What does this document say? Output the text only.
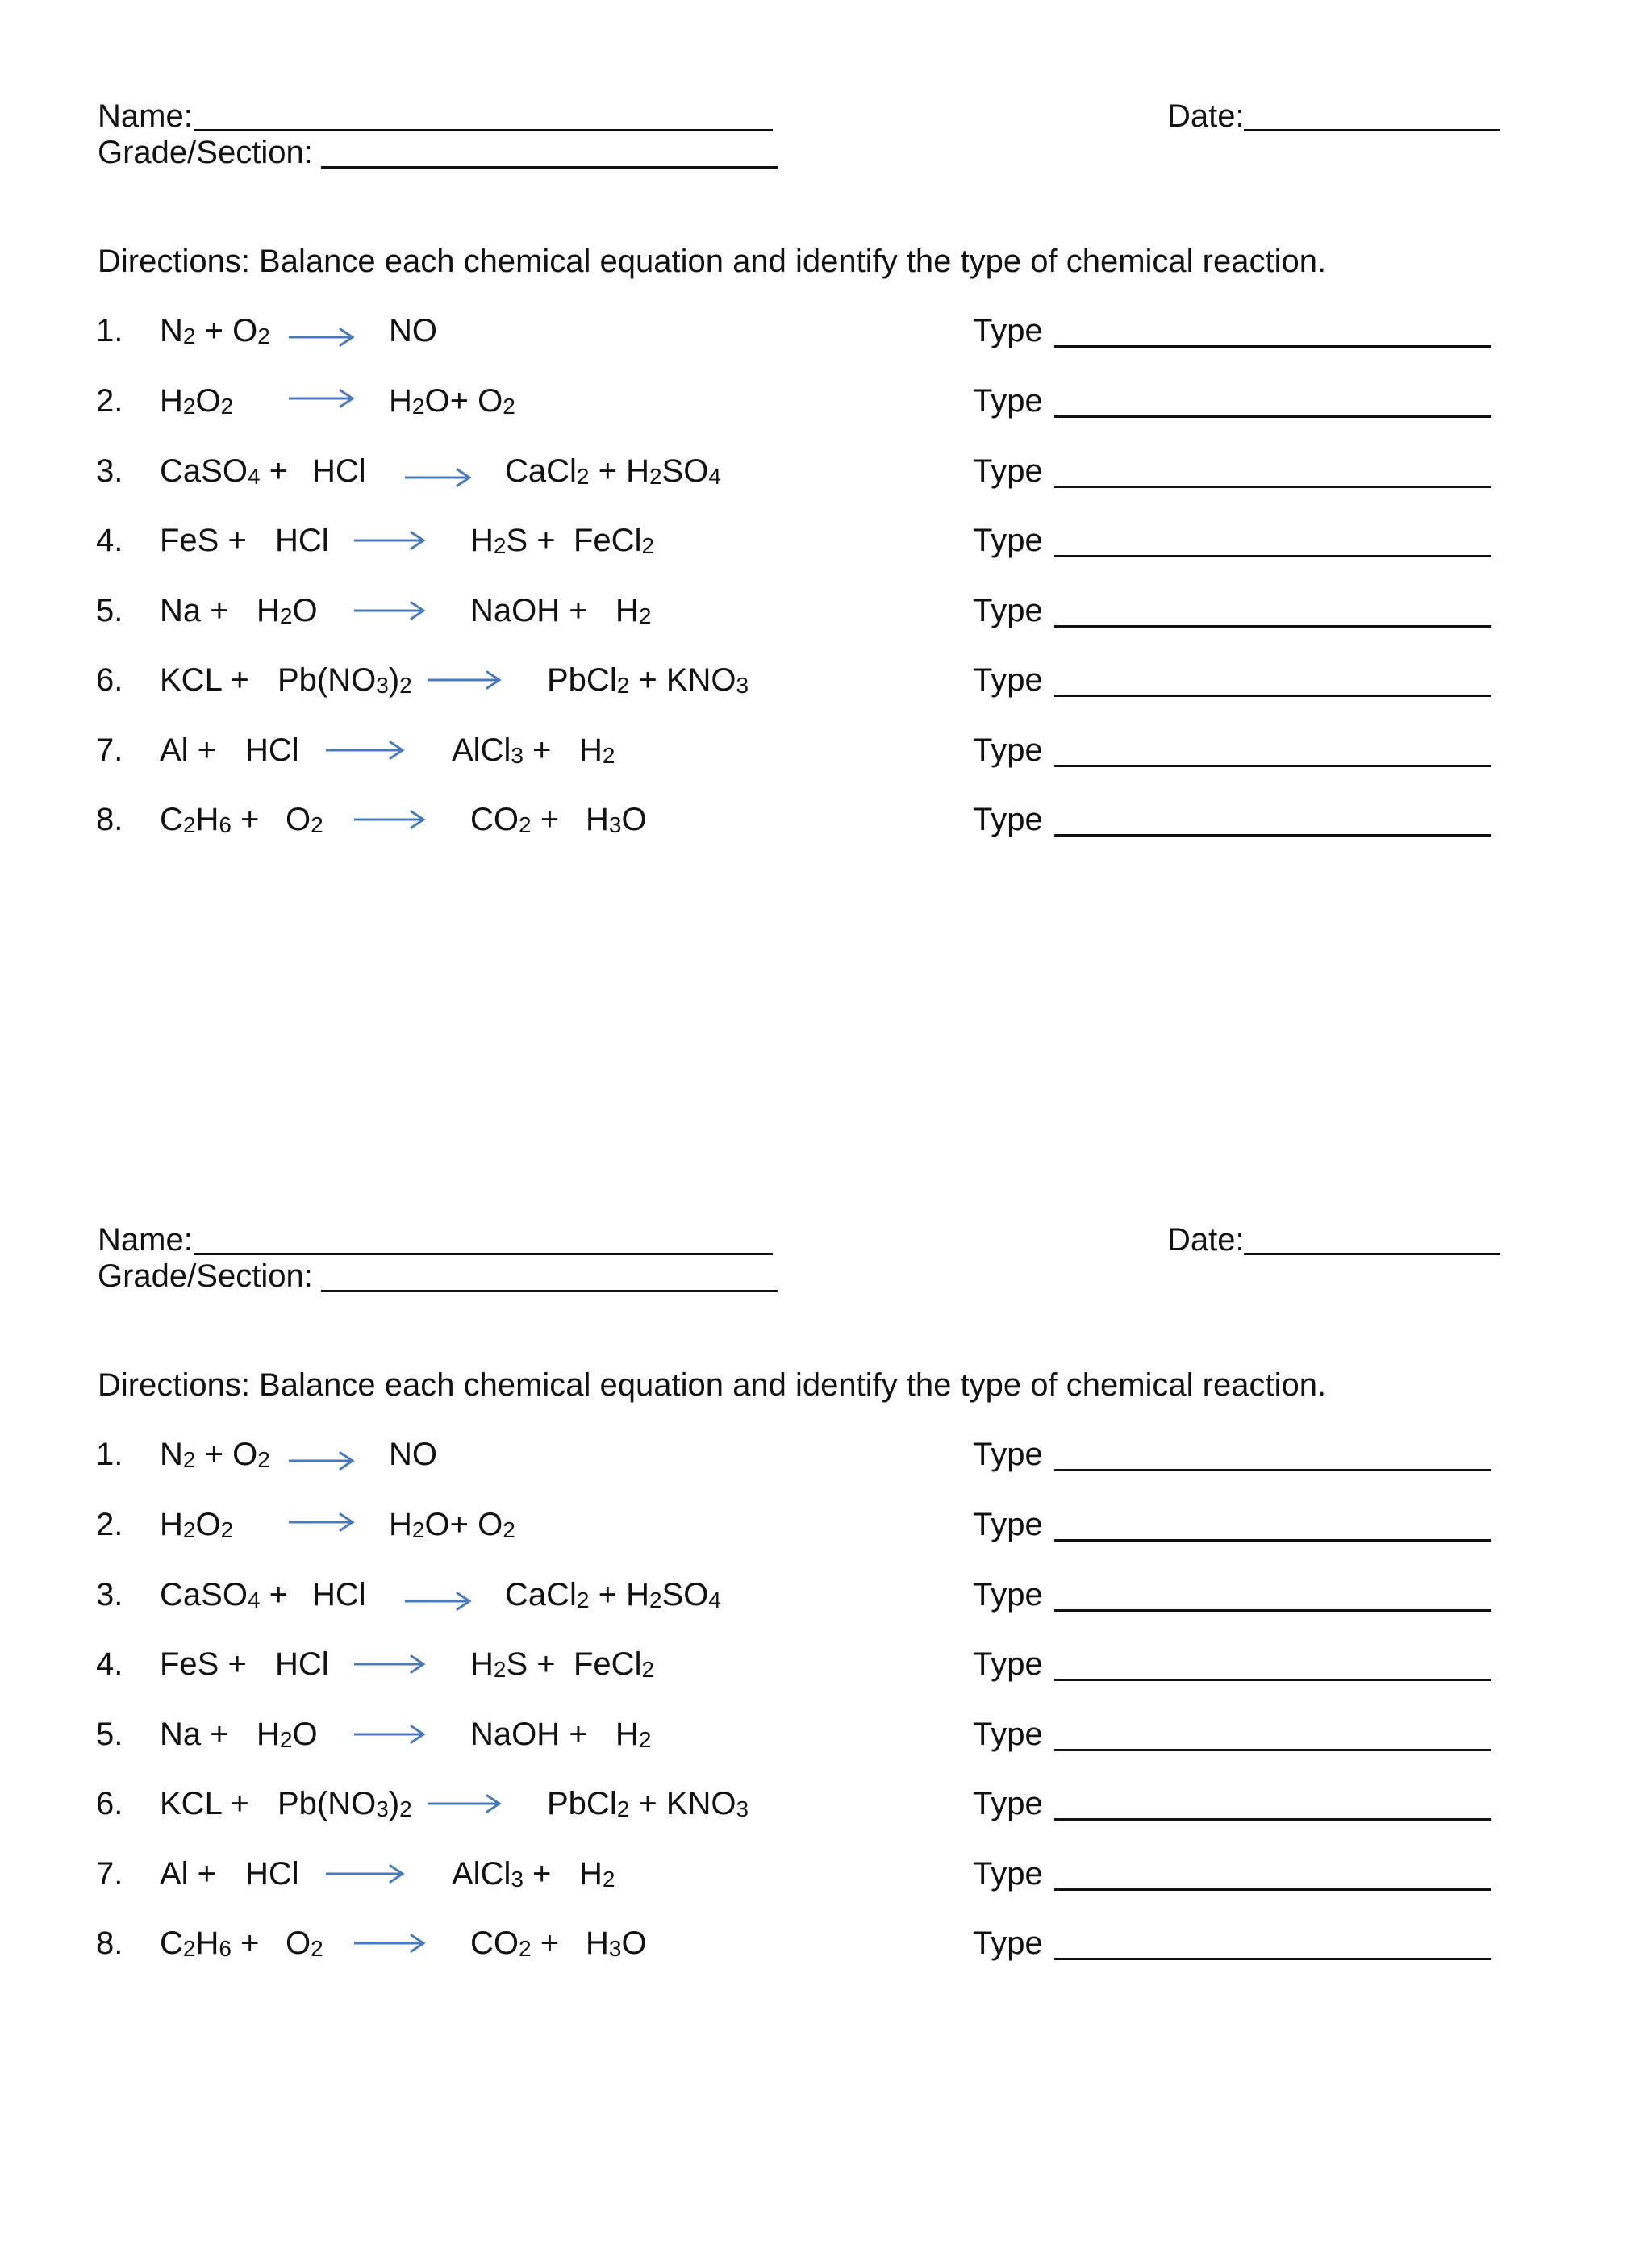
Name:
Grade/Section:
Date:
Directions: Balance each chemical equation and identify the type of chemical reaction.
1. $N_2 + O_2$	NO	Type
2. $H_2O_2$	$H_2O+ O_2$	Type
3. CaSO$_4$ + HCl	CaCl$_2$ + $H_2SO_4$	Type
4. FeS + HCl	$H_2S$ + FeCl$_2$	Type
5. $Na + H_2O$	NaOH + $H_2$	Type
6. KCL + $Pb(NO_3)_2$	PbCl$_2$ + $KNO_3$	Type
7. Al + HCl	AlCl$_3$ + $H_2$	Type
8. $C_2H_6 + O_2$	$CO_2 + H_3O$	Type
Name:
Grade/Section:
Date:
Directions: Balance each chemical equation and identify the type of chemical reaction.
1. $N_2 + O_2$	NO	Type
2. $H_2O_2$	$H_2O+ O_2$	Type
3. CaSO$_4$ + HCl	CaCl$_2$ + $H_2SO_4$	Type
4. FeS + HCl	$H_2S$ + FeCl$_2$	Type
5. $Na + H_2O$	NaOH + $H_2$	Type
6. KCL + $Pb(NO_3)_2$	PbCl$_2$ + $KNO_3$	Type
7. Al + HCl	AlCl$_3$ + $H_2$	Type
8. $C_2H_6 + O_2$	$CO_2 + H_3O$	Type
